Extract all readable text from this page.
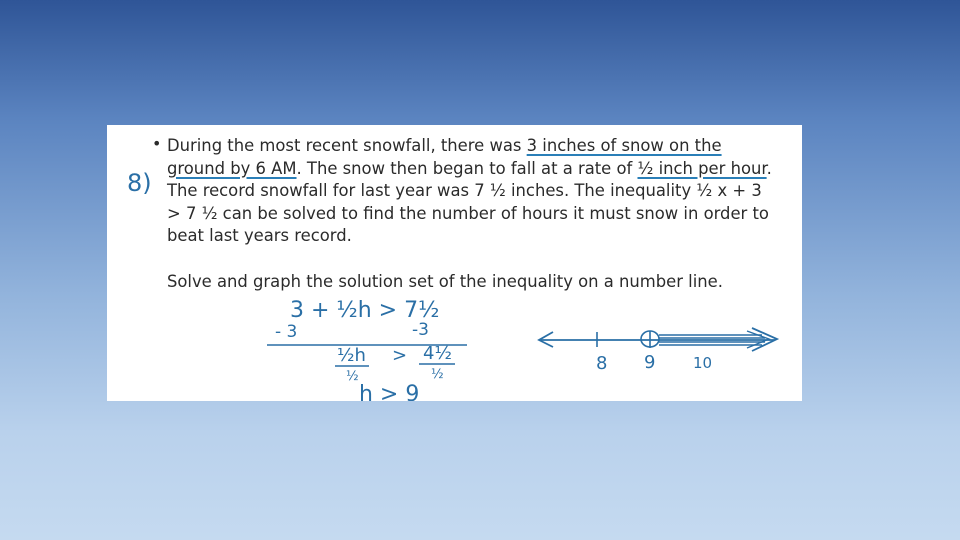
• During the most recent snowfall, there was 3 inches of snow on the ground by 6 AM. The snow then began to fall at a rate of ½ inch per hour. The record snowfall for last year was 7 ½ inches. The inequality ½ x + 3 > 7 ½ can be solved to find the number of hours it must snow in order to beat last years record.

Solve and graph the solution set of the inequality on a number line.

8)
3 + ½h > 7½
- 3	-3
½h > 4½
½	½
h > 9
8 9	10
